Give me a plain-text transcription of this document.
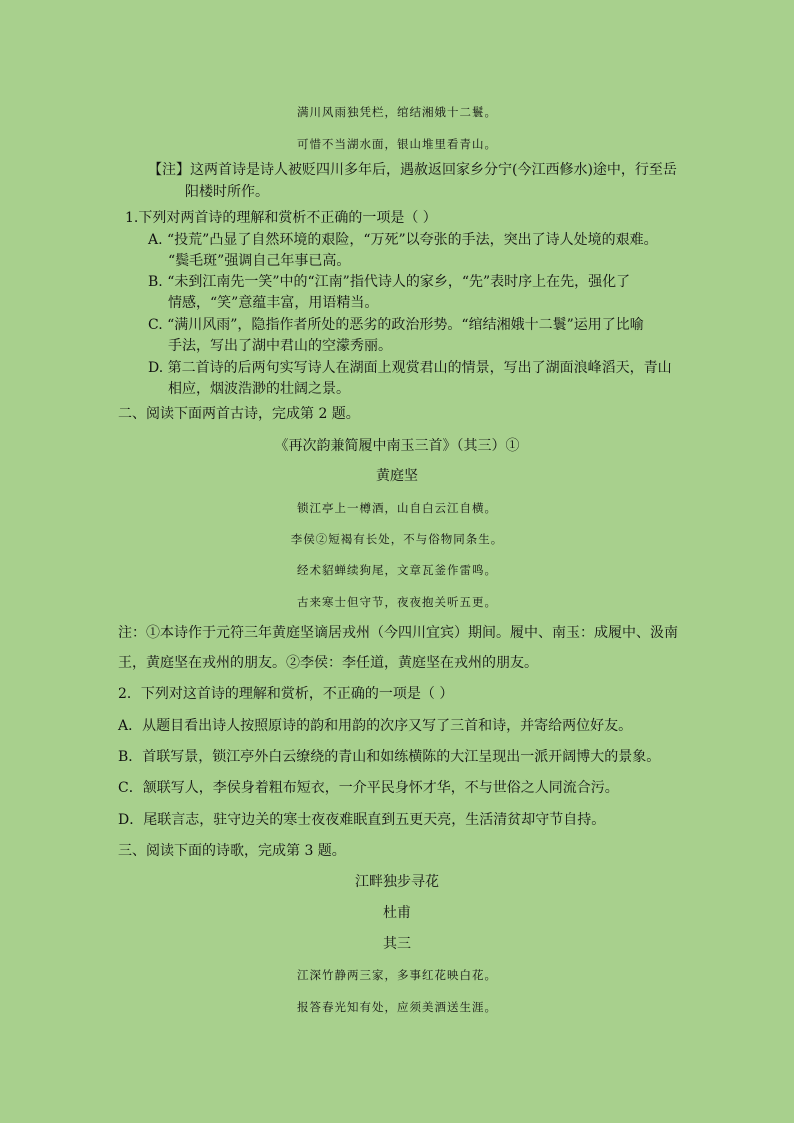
满川风雨独凭栏，绾结湘娥十二鬟。
可惜不当湖水面，银山堆里看青山。
【注】这两首诗是诗人被贬四川多年后，遇赦返回家乡分宁(今江西修水)途中，行至岳
阳楼时所作。
1.下列对两首诗的理解和赏析不正确的一项是（ ）
A. “投荒”凸显了自然环境的艰险，“万死”以夸张的手法，突出了诗人处境的艰难。
“鬓毛斑”强调自己年事已高。
B. “未到江南先一笑”中的“江南”指代诗人的家乡，“先”表时序上在先，强化了
情感，“笑”意蕴丰富，用语精当。
C. “满川风雨”，隐指作者所处的恶劣的政治形势。“绾结湘娥十二鬟”运用了比喻
手法，写出了湖中君山的空濛秀丽。
D. 第二首诗的后两句实写诗人在湖面上观赏君山的情景，写出了湖面浪峰滔天，青山
相应，烟波浩渺的壮阔之景。
二、阅读下面两首古诗，完成第 2 题。
《再次韵兼简履中南玉三首》（其三）①
黄庭坚
锁江亭上一樽酒，山自白云江自横。
李侯②短褐有长处，不与俗物同条生。
经术貂蝉续狗尾，文章瓦釜作雷鸣。
古来寒士但守节，夜夜抱关听五更。
注：①本诗作于元符三年黄庭坚谪居戎州（今四川宜宾）期间。履中、南玉：成履中、汲南
王，黄庭坚在戎州的朋友。②李侯：李任道，黄庭坚在戎州的朋友。
2．下列对这首诗的理解和赏析，不正确的一项是（ ）
A．从题目看出诗人按照原诗的韵和用韵的次序又写了三首和诗，并寄给两位好友。
B．首联写景，锁江亭外白云缭绕的青山和如练横陈的大江呈现出一派开阔博大的景象。
C．颔联写人，李侯身着粗布短衣，一介平民身怀才华，不与世俗之人同流合污。
D．尾联言志，驻守边关的寒士夜夜难眠直到五更天亮，生活清贫却守节自持。
三、阅读下面的诗歌，完成第 3 题。
江畔独步寻花
杜甫
其三
江深竹静两三家，多事红花映白花。
报答春光知有处，应须美酒送生涯。
